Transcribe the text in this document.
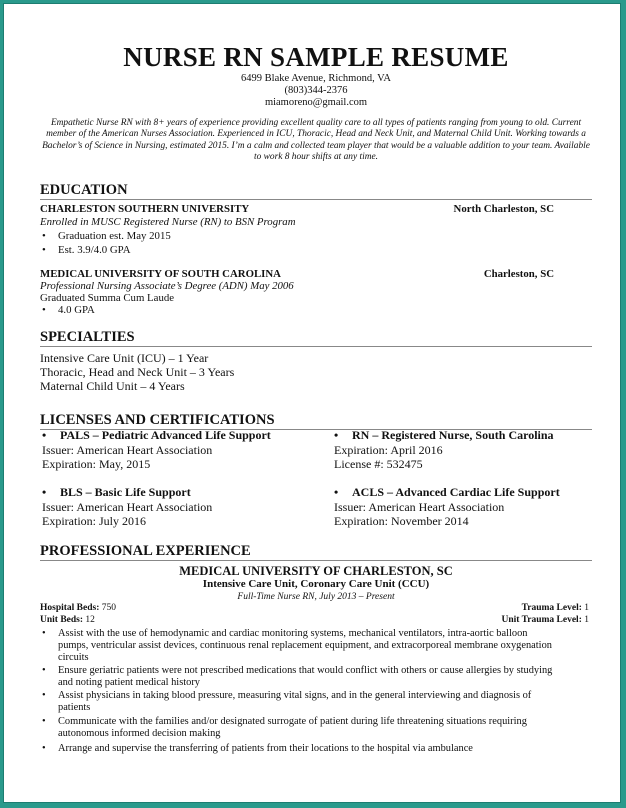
NURSE RN SAMPLE RESUME
6499 Blake Avenue, Richmond, VA
(803)344-2376
miamoreno@gmail.com
Empathetic Nurse RN with 8+ years of experience providing excellent quality care to all types of patients ranging from young to old. Current member of the American Nurses Association. Experienced in ICU, Thoracic, Head and Neck Unit, and Maternal Child Unit. Working towards a Bachelor’s of Science in Nursing, estimated 2015. I’m a calm and collected team player that would be a valuable addition to your team. Available to work 8 hour shifts at any time.
EDUCATION
CHARLESTON SOUTHERN UNIVERSITY	North Charleston, SC
Enrolled in MUSC Registered Nurse (RN) to BSN Program
• Graduation est. May 2015
• Est. 3.9/4.0 GPA
MEDICAL UNIVERSITY OF SOUTH CAROLINA	Charleston, SC
Professional Nursing Associate’s Degree (ADN) May 2006
Graduated Summa Cum Laude
• 4.0 GPA
SPECIALTIES
Intensive Care Unit (ICU) – 1 Year
Thoracic, Head and Neck Unit – 3 Years
Maternal Child Unit – 4 Years
LICENSES AND CERTIFICATIONS
• PALS – Pediatric Advanced Life Support
Issuer: American Heart Association
Expiration: May, 2015
• RN – Registered Nurse, South Carolina
Expiration: April 2016
License #: 532475
• BLS – Basic Life Support
Issuer: American Heart Association
Expiration: July 2016
• ACLS – Advanced Cardiac Life Support
Issuer: American Heart Association
Expiration: November 2014
PROFESSIONAL EXPERIENCE
MEDICAL UNIVERSITY OF CHARLESTON, SC
Intensive Care Unit, Coronary Care Unit (CCU)
Full-Time Nurse RN, July 2013 – Present
Hospital Beds: 750	Trauma Level: 1
Unit Beds: 12	Unit Trauma Level: 1
• Assist with the use of hemodynamic and cardiac monitoring systems, mechanical ventilators, intra-aortic balloon pumps, ventricular assist devices, continuous renal replacement equipment, and extracorporeal membrane oxygenation circuits
• Ensure geriatric patients were not prescribed medications that would conflict with others or cause allergies by studying and noting patient medical history
• Assist physicians in taking blood pressure, measuring vital signs, and in the general interviewing and diagnosis of patients
• Communicate with the families and/or designated surrogate of patient during life threatening situations requiring autonomous informed decision making
• Arrange and supervise the transferring of patients from their locations to the hospital via ambulance
